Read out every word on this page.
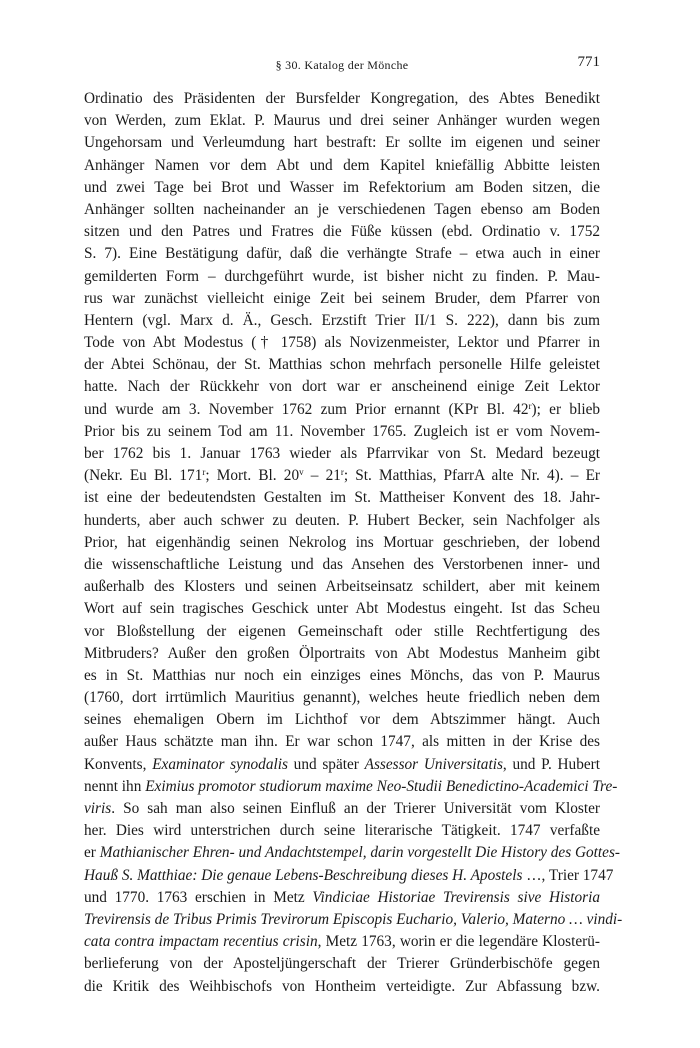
§ 30. Katalog der Mönche	771
Ordinatio des Präsidenten der Bursfelder Kongregation, des Abtes Benedikt
von Werden, zum Eklat. P. Maurus und drei seiner Anhänger wurden wegen
Ungehorsam und Verleumdung hart bestraft: Er sollte im eigenen und seiner
Anhänger Namen vor dem Abt und dem Kapitel kniefällig Abbitte leisten
und zwei Tage bei Brot und Wasser im Refektorium am Boden sitzen, die
Anhänger sollten nacheinander an je verschiedenen Tagen ebenso am Boden
sitzen und den Patres und Fratres die Füße küssen (ebd. Ordinatio v. 1752
S. 7). Eine Bestätigung dafür, daß die verhängte Strafe – etwa auch in einer
gemilderten Form – durchgeführt wurde, ist bisher nicht zu finden. P. Mau-
rus war zunächst vielleicht einige Zeit bei seinem Bruder, dem Pfarrer von
Hentern (vgl. Marx d. Ä., Gesch. Erzstift Trier II/1 S. 222), dann bis zum
Tode von Abt Modestus († 1758) als Novizenmeister, Lektor und Pfarrer in
der Abtei Schönau, der St. Matthias schon mehrfach personelle Hilfe geleistet
hatte. Nach der Rückkehr von dort war er anscheinend einige Zeit Lektor
und wurde am 3. November 1762 zum Prior ernannt (KPr Bl. 42$^r$); er blieb
Prior bis zu seinem Tod am 11. November 1765. Zugleich ist er vom Novem-
ber 1762 bis 1. Januar 1763 wieder als Pfarrvikar von St. Medard bezeugt
(Nekr. Eu Bl. 171$^r$; Mort. Bl. 20$^v$ – 21$^r$; St. Matthias, PfarrA alte Nr. 4). – Er
ist eine der bedeutendsten Gestalten im St. Mattheiser Konvent des 18. Jahr-
hunderts, aber auch schwer zu deuten. P. Hubert Becker, sein Nachfolger als
Prior, hat eigenhändig seinen Nekrolog ins Mortuar geschrieben, der lobend
die wissenschaftliche Leistung und das Ansehen des Verstorbenen inner- und
außerhalb des Klosters und seinen Arbeitseinsatz schildert, aber mit keinem
Wort auf sein tragisches Geschick unter Abt Modestus eingeht. Ist das Scheu
vor Bloßstellung der eigenen Gemeinschaft oder stille Rechtfertigung des
Mitbruders? Außer den großen Ölportraits von Abt Modestus Manheim gibt
es in St. Matthias nur noch ein einziges eines Mönchs, das von P. Maurus
(1760, dort irrtümlich Mauritius genannt), welches heute friedlich neben dem
seines ehemaligen Obern im Lichthof vor dem Abtszimmer hängt. Auch
außer Haus schätzte man ihn. Er war schon 1747, als mitten in der Krise des
Konvents, Examinator synodalis und später Assessor Universitatis, und P. Hubert
nennt ihn Eximius promotor studiorum maxime Neo-Studii Benedictino-Academici Tre-
viris. So sah man also seinen Einfluß an der Trierer Universität vom Kloster
her. Dies wird unterstrichen durch seine literarische Tätigkeit. 1747 verfaßte
er Mathianischer Ehren- und Andachtstempel, darin vorgestellt Die History des Gottes-
Hauß S. Matthiae: Die genaue Lebens-Beschreibung dieses H. Apostels …, Trier 1747
und 1770. 1763 erschien in Metz Vindiciae Historiae Trevirensis sive Historia
Trevirensis de Tribus Primis Trevirorum Episcopis Euchario, Valerio, Materno … vindi-
cata contra impactam recentius crisin, Metz 1763, worin er die legendäre Klosterü-
berlieferung von der Aposteljüngerschaft der Trierer Gründerbischöfe gegen
die Kritik des Weihbischofs von Hontheim verteidigte. Zur Abfassung bzw.
